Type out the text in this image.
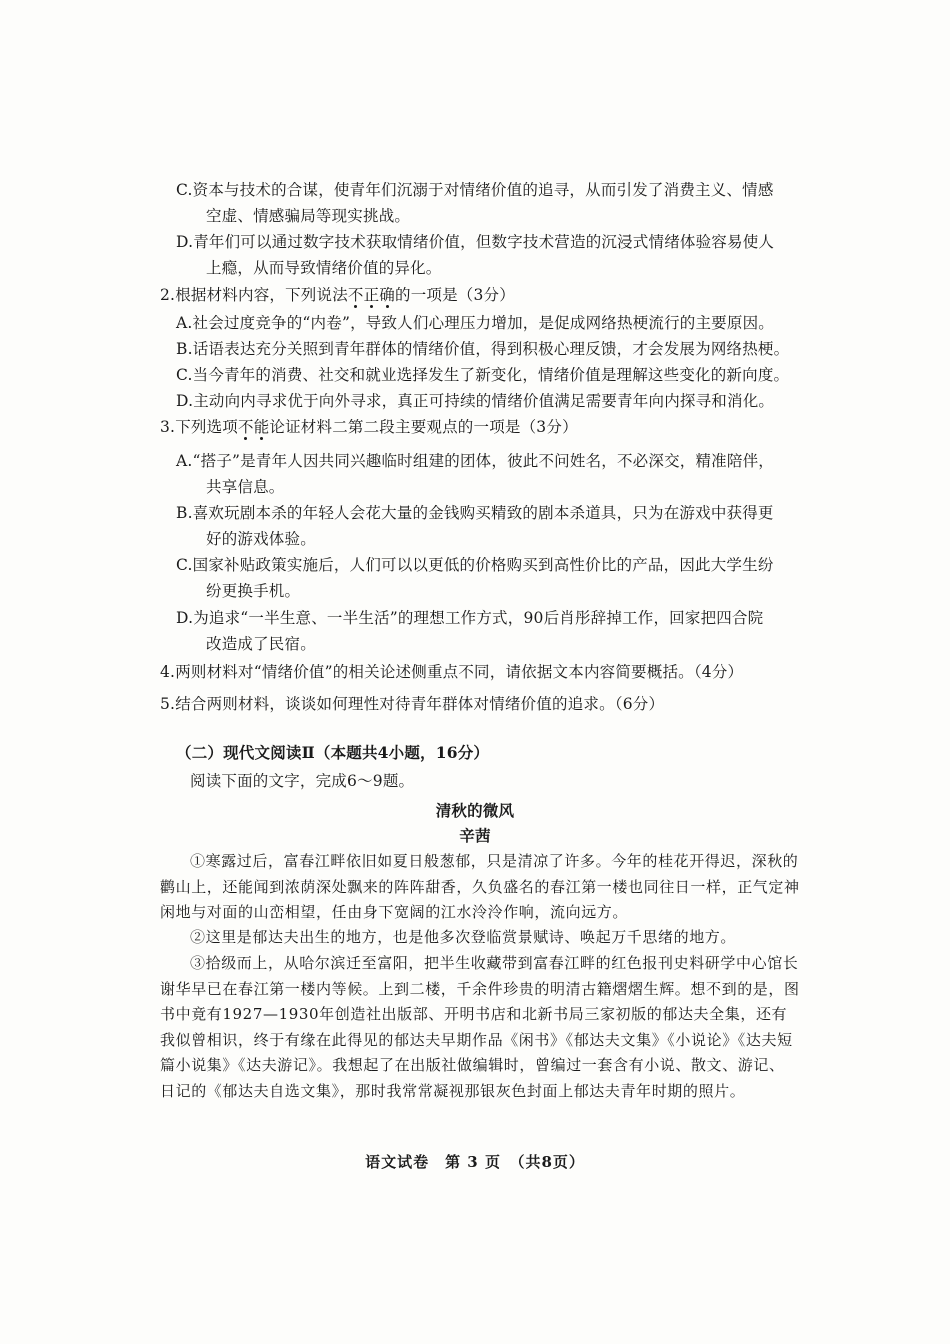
C.资本与技术的合谋，使青年们沉溺于对情绪价值的追寻，从而引发了消费主义、情感
空虚、情感骗局等现实挑战。
D.青年们可以通过数字技术获取情绪价值，但数字技术营造的沉浸式情绪体验容易使人
上瘾，从而导致情绪价值的异化。
2.根据材料内容，下列说法不正确的一项是（3分）
A.社会过度竞争的“内卷”，导致人们心理压力增加，是促成网络热梗流行的主要原因。
B.话语表达充分关照到青年群体的情绪价值，得到积极心理反馈，才会发展为网络热梗。
C.当今青年的消费、社交和就业选择发生了新变化，情绪价值是理解这些变化的新向度。
D.主动向内寻求优于向外寻求，真正可持续的情绪价值满足需要青年向内探寻和消化。
3.下列选项不能论证材料二第二段主要观点的一项是（3分）
A.“搭子”是青年人因共同兴趣临时组建的团体，彼此不问姓名，不必深交，精准陪伴，
共享信息。
B.喜欢玩剧本杀的年轻人会花大量的金钱购买精致的剧本杀道具，只为在游戏中获得更
好的游戏体验。
C.国家补贴政策实施后，人们可以以更低的价格购买到高性价比的产品，因此大学生纷
纷更换手机。
D.为追求“一半生意、一半生活”的理想工作方式，90后肖彤辞掉工作，回家把四合院
改造成了民宿。
4.两则材料对“情绪价值”的相关论述侧重点不同，请依据文本内容简要概括。（4分）
5.结合两则材料，谈谈如何理性对待青年群体对情绪价值的追求。（6分）
（二）现代文阅读Ⅱ（本题共4小题，16分）
阅读下面的文字，完成6～9题。
清秋的微风
辛茜
①寒露过后，富春江畔依旧如夏日般葱郁，只是清凉了许多。今年的桂花开得迟，深秋的鹳山上，还能闻到浓荫深处飘来的阵阵甜香，久负盛名的春江第一楼也同往日一样，正气定神闲地与对面的山峦相望，任由身下宽阔的江水泠泠作响，流向远方。
②这里是郁达夫出生的地方，也是他多次登临赏景赋诗、唤起万千思绪的地方。
③拾级而上，从哈尔滨迁至富阳，把半生收藏带到富春江畔的红色报刊史料研学中心馆长谢华早已在春江第一楼内等候。上到二楼，千余件珍贵的明清古籍熠熠生辉。想不到的是，图书中竟有1927—1930年创造社出版部、开明书店和北新书局三家初版的郁达夫全集，还有我似曾相识，终于有缘在此得见的郁达夫早期作品《闲书》《郁达夫文集》《小说论》《达夫短篇小说集》《达夫游记》。我想起了在出版社做编辑时，曾编过一套含有小说、散文、游记、日记的《郁达夫自选文集》，那时我常常凝视那银灰色封面上郁达夫青年时期的照片。
语文试卷　第 3 页　（共8页）
